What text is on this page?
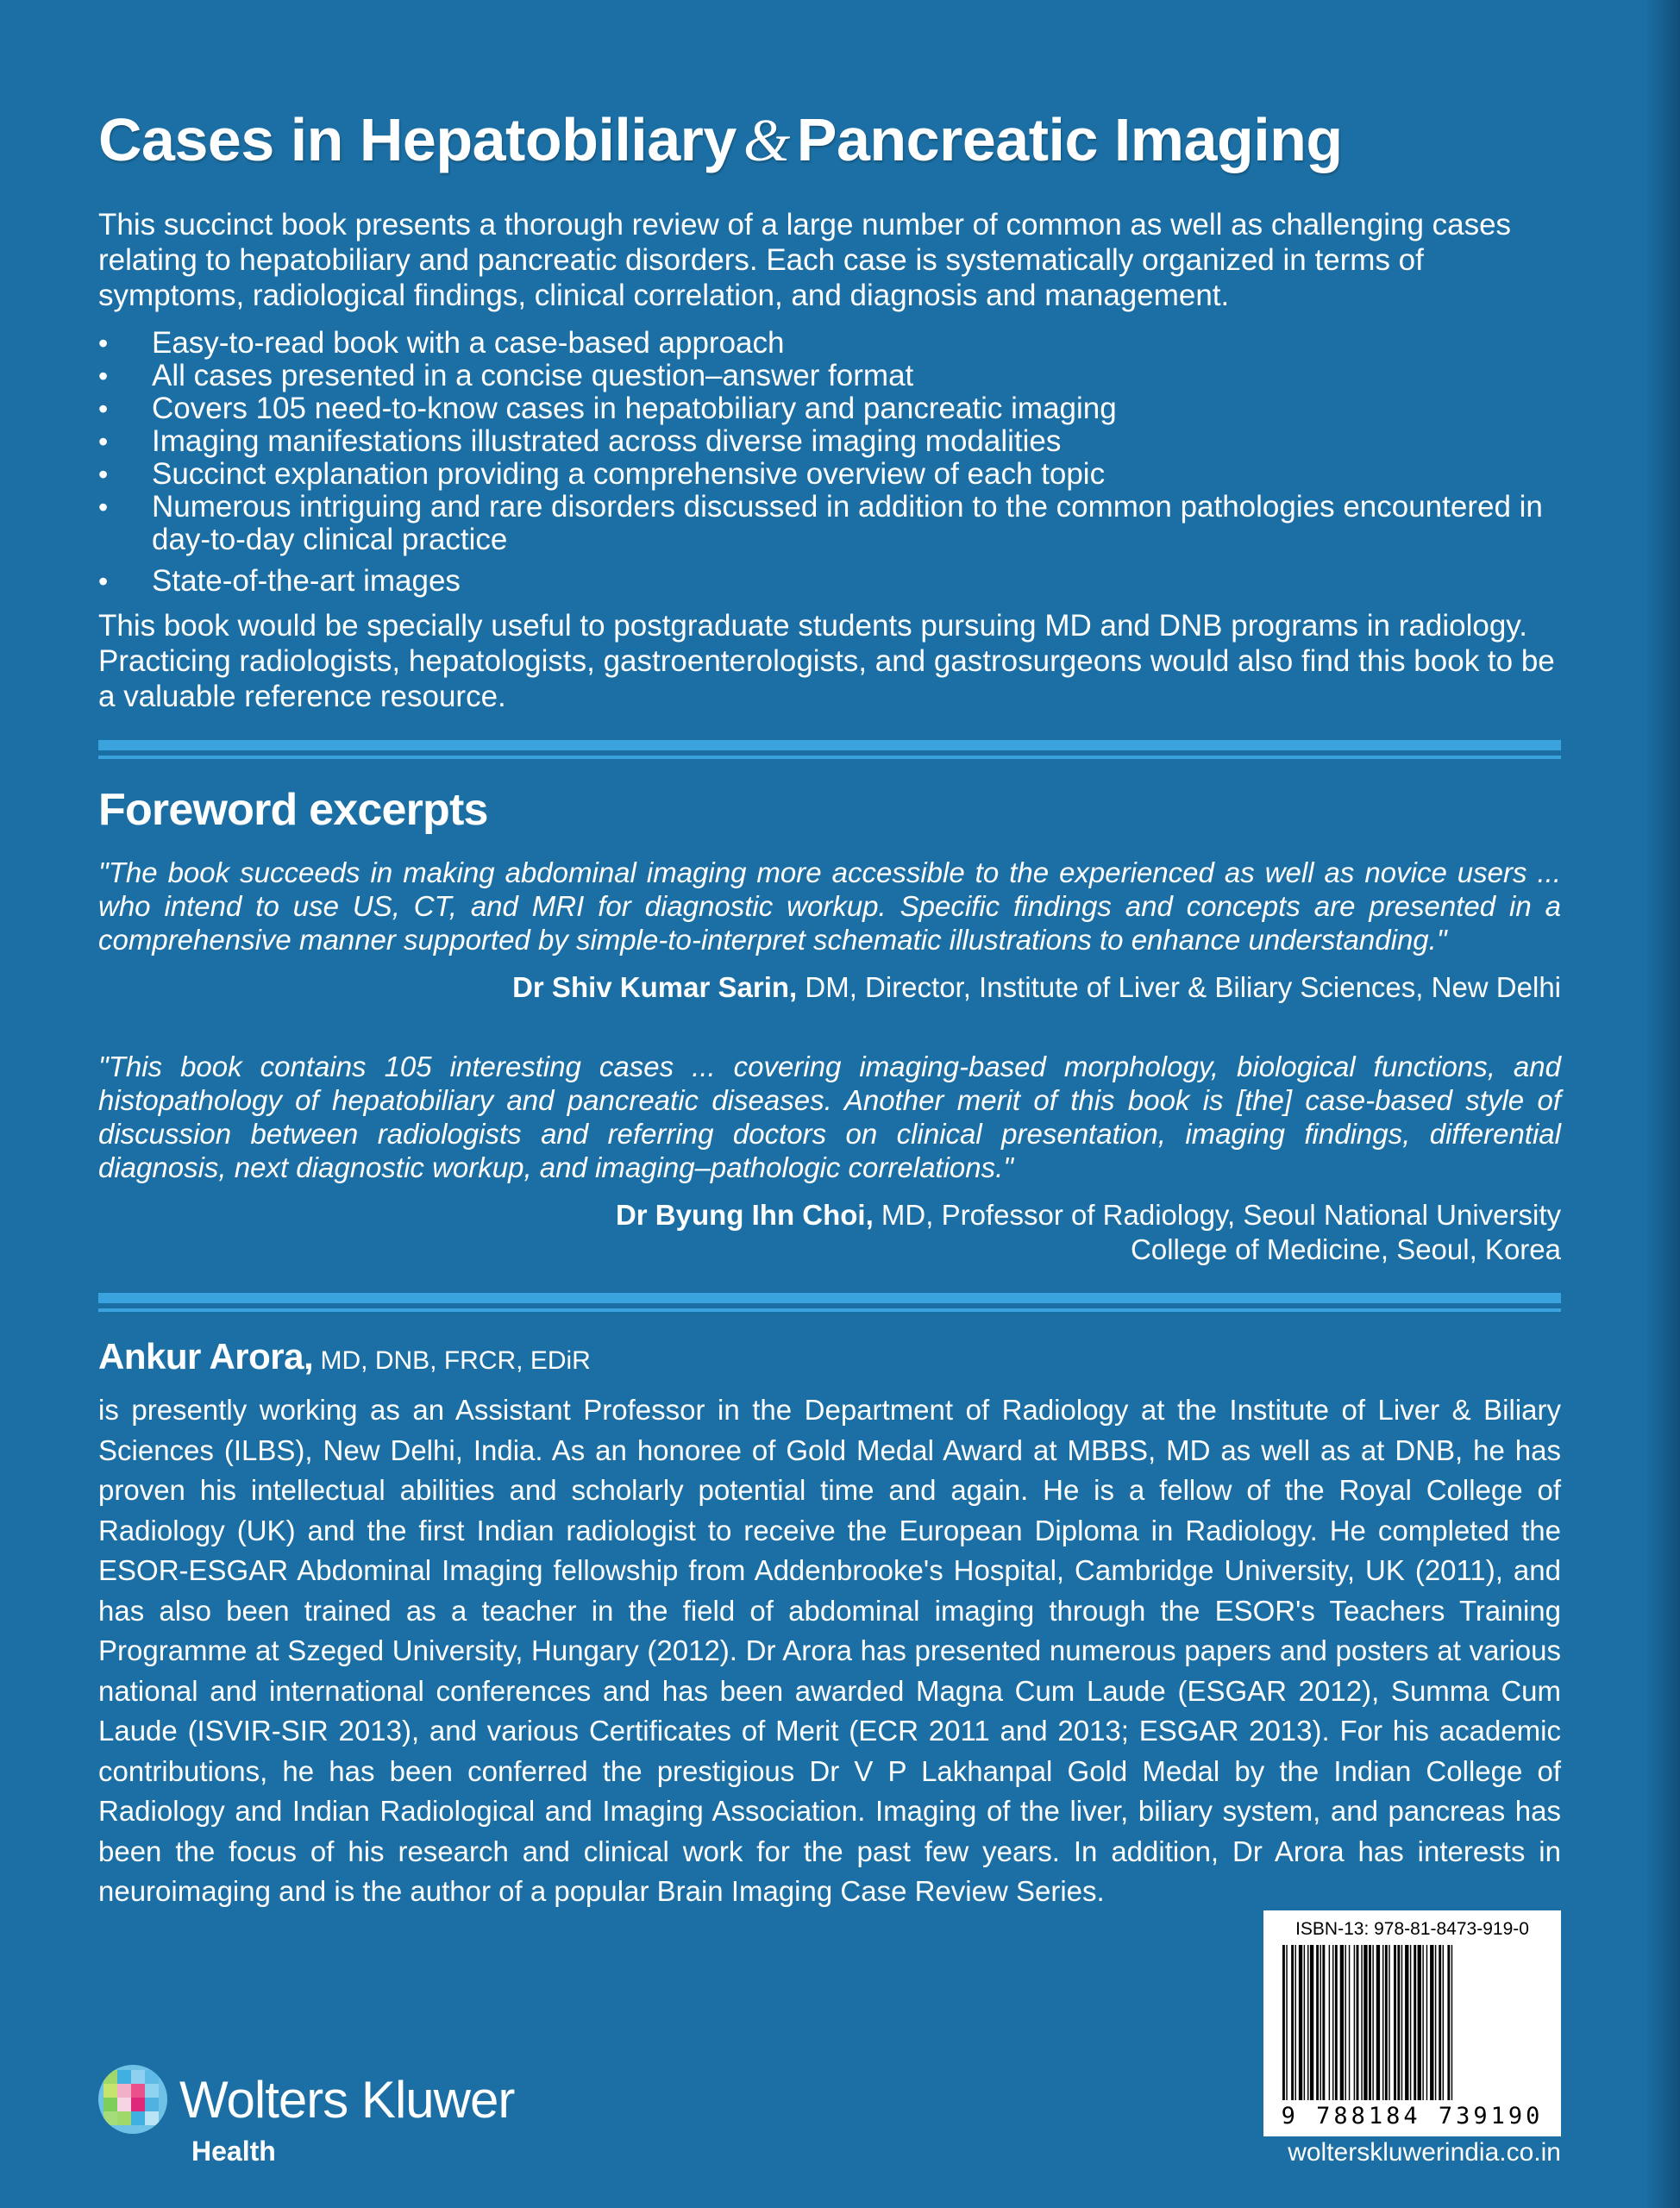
Cases in Hepatobiliary & Pancreatic Imaging

This succinct book presents a thorough review of a large number of common as well as challenging cases relating to hepatobiliary and pancreatic disorders. Each case is systematically organized in terms of symptoms, radiological findings, clinical correlation, and diagnosis and management.

• Easy-to-read book with a case-based approach
• All cases presented in a concise question–answer format
• Covers 105 need-to-know cases in hepatobiliary and pancreatic imaging
• Imaging manifestations illustrated across diverse imaging modalities
• Succinct explanation providing a comprehensive overview of each topic
• Numerous intriguing and rare disorders discussed in addition to the common pathologies encountered in day-to-day clinical practice
• State-of-the-art images

This book would be specially useful to postgraduate students pursuing MD and DNB programs in radiology. Practicing radiologists, hepatologists, gastroenterologists, and gastrosurgeons would also find this book to be a valuable reference resource.

Foreword excerpts

"The book succeeds in making abdominal imaging more accessible to the experienced as well as novice users ... who intend to use US, CT, and MRI for diagnostic workup. Specific findings and concepts are presented in a comprehensive manner supported by simple-to-interpret schematic illustrations to enhance understanding."

Dr Shiv Kumar Sarin, DM, Director, Institute of Liver & Biliary Sciences, New Delhi

"This book contains 105 interesting cases ... covering imaging-based morphology, biological functions, and histopathology of hepatobiliary and pancreatic diseases. Another merit of this book is [the] case-based style of discussion between radiologists and referring doctors on clinical presentation, imaging findings, differential diagnosis, next diagnostic workup, and imaging–pathologic correlations."

Dr Byung Ihn Choi, MD, Professor of Radiology, Seoul National University
College of Medicine, Seoul, Korea

Ankur Arora, MD, DNB, FRCR, EDiR

is presently working as an Assistant Professor in the Department of Radiology at the Institute of Liver & Biliary Sciences (ILBS), New Delhi, India. As an honoree of Gold Medal Award at MBBS, MD as well as at DNB, he has proven his intellectual abilities and scholarly potential time and again. He is a fellow of the Royal College of Radiology (UK) and the first Indian radiologist to receive the European Diploma in Radiology. He completed the ESOR-ESGAR Abdominal Imaging fellowship from Addenbrooke's Hospital, Cambridge University, UK (2011), and has also been trained as a teacher in the field of abdominal imaging through the ESOR's Teachers Training Programme at Szeged University, Hungary (2012). Dr Arora has presented numerous papers and posters at various national and international conferences and has been awarded Magna Cum Laude (ESGAR 2012), Summa Cum Laude (ISVIR-SIR 2013), and various Certificates of Merit (ECR 2011 and 2013; ESGAR 2013). For his academic contributions, he has been conferred the prestigious Dr V P Lakhanpal Gold Medal by the Indian College of Radiology and Indian Radiological and Imaging Association. Imaging of the liver, biliary system, and pancreas has been the focus of his research and clinical work for the past few years. In addition, Dr Arora has interests in neuroimaging and is the author of a popular Brain Imaging Case Review Series.

Wolters Kluwer
Health
ISBN-13: 978-81-8473-919-0
9 788184 739190
wolterskluwerindia.co.in
